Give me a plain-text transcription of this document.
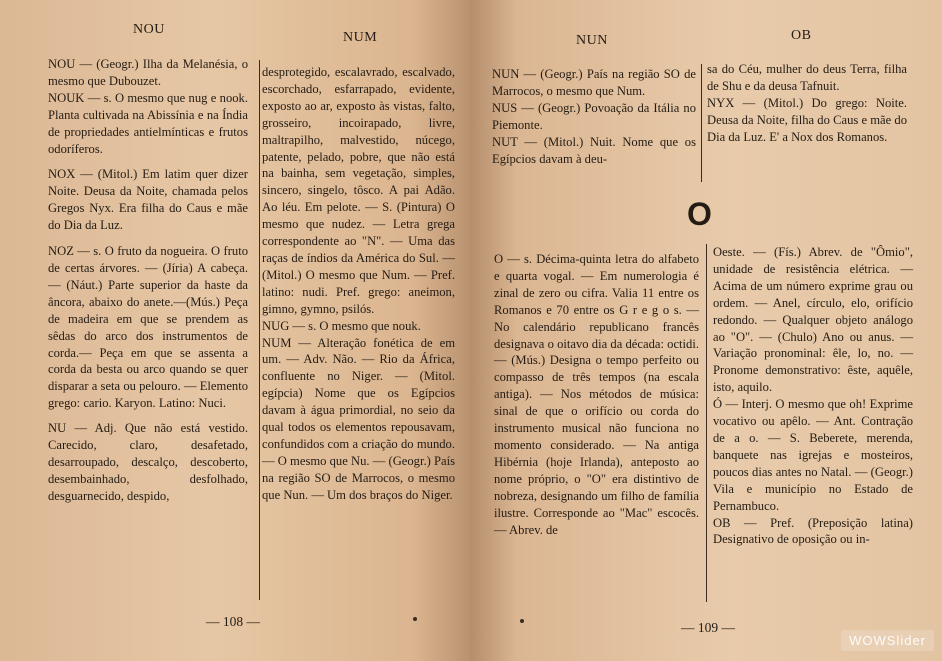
NOU
NUM

NOU — (Geogr.) Ilha da Melanésia, o mesmo que Dubouzet.

NOUK — s. O mesmo que nug e nook. Planta cultivada na Abissínia e na Índia de propriedades antielmínticas e frutos odoríferos.

NOX — (Mitol.) Em latim quer dizer Noite. Deusa da Noite, chamada pelos Gregos Nyx. Era filha do Caus e mãe do Dia da Luz.

NOZ — s. O fruto da nogueira. O fruto de certas árvores. — (Jíria) A cabeça. — (Náut.) Parte superior da haste da âncora, abaixo do anete.—(Mús.) Peça de madeira em que se prendem as sêdas do arco dos instrumentos de corda.— Peça em que se assenta a corda da besta ou arco quando se quer disparar a seta ou pelouro. — Elemento grego: cario. Karyon. Latino: Nuci.

NU — Adj. Que não está vestido. Carecido, claro, desafetado, desarroupado, descalço, descoberto, desembainhado, desfolhado, desguarnecido, despido,

desprotegido, escalavrado, escalvado, escorchado, esfarrapado, evidente, exposto ao ar, exposto às vistas, falto, grosseiro, incoirapado, livre, maltrapilho, malvestido, núcego, patente, pelado, pobre, que não está na bainha, sem vegetação, simples, sincero, singelo, tôsco. A pai Adão. Ao léu. Em pelote. — S. (Pintura) O mesmo que nudez. — Letra grega correspondente ao "N". — Uma das raças de índios da América do Sul. — (Mitol.) O mesmo que Num. — Pref. latino: nudi. Pref. grego: aneimon, gimno, gymno, psilós.

NUG — s. O mesmo que nouk.

NUM — Alteração fonética de em um. — Adv. Não. — Rio da África, confluente no Niger. — (Mitol. egípcia) Nome que os Egípcios davam à água primordial, no seio da qual todos os elementos repousavam, confundidos com a criação do mundo. — O mesmo que Nu. — (Geogr.) País na região SO de Marrocos, o mesmo que Nun. — Um dos braços do Niger.

— 108 —
NUN	OB

NUN — (Geogr.) País na região SO de Marrocos, o mesmo que Num.

NUS — (Geogr.) Povoação da Itália no Piemonte.

NUT — (Mitol.) Nuit. Nome que os Egípcios davam à deu-

sa do Céu, mulher do deus Terra, filha de Shu e da deusa Tafnuit.

NYX — (Mitol.) Do grego: Noite. Deusa da Noite, filha do Caus e mãe do Dia da Luz. E' a Nox dos Romanos.

O

O — s. Décima-quinta letra do alfabeto e quarta vogal. — Em numerologia é zinal de zero ou cifra. Valia 11 entre os Romanos e 70 entre os G r e g o s. — No calendário republicano francês designava o oitavo dia da década: octidi. — (Mús.) Designa o tempo perfeito ou compasso de três tempos (na escala antiga). — Nos métodos de música: sinal de que o orifício ou corda do instrumento musical não funciona no momento considerado. — Na antiga Hibérnia (hoje Irlanda), anteposto ao nome próprio, o "O" era distintivo de nobreza, designando um filho de família ilustre. Corresponde ao "Mac" escocês. — Abrev. de

Oeste. — (Fís.) Abrev. de "Ômio", unidade de resistência elétrica. — Acima de um número exprime grau ou ordem. — Anel, círculo, elo, orifício redondo. — Qualquer objeto análogo ao "O". — (Chulo) Ano ou anus. — Variação pronominal: êle, lo, no. — Pronome demonstrativo: êste, aquêle, isto, aquilo.

Ó — Interj. O mesmo que oh! Exprime vocativo ou apêlo. — Ant. Contração de a o. — S. Beberete, merenda, banquete nas igrejas e mosteiros, poucos dias antes no Natal. — (Geogr.) Vila e município no Estado de Pernambuco.

OB — Pref. (Preposição latina) Designativo de oposição ou in-

— 109 —
WOWSlider
